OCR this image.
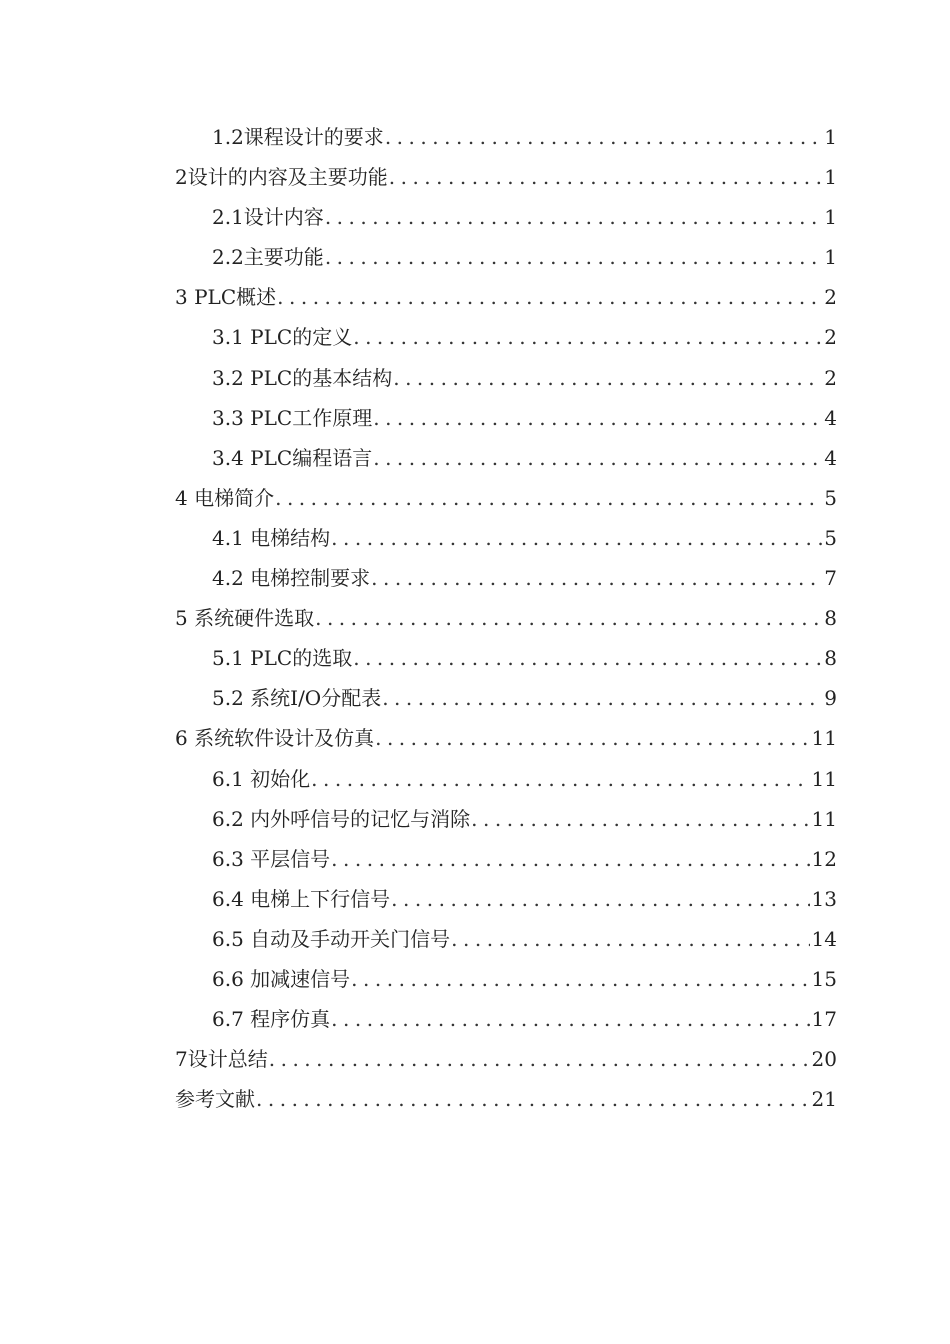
1.2课程设计的要求 .....	1
2设计的内容及主要功能 .....	1
2.1设计内容 .....	1
2.2主要功能 .....	1
3 PLC概述 .....	2
3.1 PLC的定义 .....	2
3.2 PLC的基本结构 .....	2
3.3 PLC工作原理 .....	4
3.4 PLC编程语言 .....	4
4 电梯简介 .....	5
4.1 电梯结构 .....	5
4.2 电梯控制要求 .....	7
5 系统硬件选取 .....	8
5.1 PLC的选取 .....	8
5.2 系统I/O分配表 .....	9
6 系统软件设计及仿真 .....	11
6.1 初始化 .....	11
6.2 内外呼信号的记忆与消除 .....	11
6.3 平层信号 .....	12
6.4 电梯上下行信号 .....	13
6.5 自动及手动开关门信号 .....	14
6.6 加减速信号 .....	15
6.7 程序仿真 .....	17
7设计总结 .....	20
参考文献 .....	21
